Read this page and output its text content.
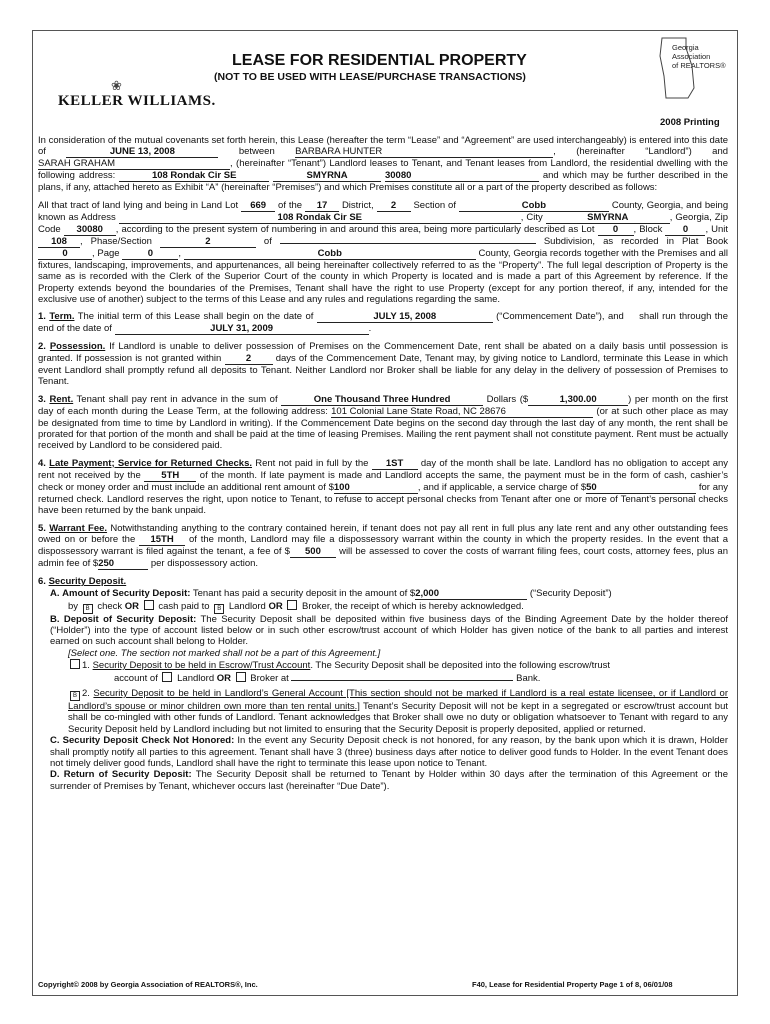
LEASE FOR RESIDENTIAL PROPERTY
(NOT TO BE USED WITH LEASE/PURCHASE TRANSACTIONS)
❀
KELLER WILLIAMS.
Georgia
Association
of REALTORS®
2008 Printing

In consideration of the mutual covenants set forth herein, this Lease (hereafter the term “Lease” and “Agreement” are used interchangeably) is entered into this date of	JUNE 13, 2008	between BARBARA HUNTER	, (hereinafter “Landlord”) and SARAH GRAHAM	, (hereinafter “Tenant”) Landlord leases to Tenant, and Tenant leases from Landlord, the residential dwelling with the following address:	108 Rondak Cir SE	SMYRNA	30080	and which may be further described in the plans, if any, attached hereto as Exhibit “A” (hereinafter “Premises”) and which Premises constitute all or a part of the property described as follows:

All that tract of land lying and being in Land Lot 669 of the 17 District, 2 Section of	Cobb	County, Georgia, and being known as Address	108 Rondak Cir SE	, City	SMYRNA	, Georgia, Zip Code 30080 , according to the present system of numbering in and around this area, being more particularly described as Lot 0 , Block 0 , Unit 108 , Phase/Section	2	of	Subdivision, as recorded in Plat Book 0	, Page	0	,	Cobb	County, Georgia records together with the Premises and all fixtures, landscaping, improvements, and appurtenances, all being hereinafter collectively referred to as the “Property”. The full legal description of Property is the same as is recorded with the Clerk of the Superior Court of the county in which Property is located and is made a part of this Agreement by reference. If the Property extends beyond the boundaries of the Premises, Tenant shall have the right to use Property (except for any portion thereof, if any, intended for the exclusive use of another) subject to the terms of this Lease and any rules and regulations regarding the same.

1. Term. The initial term of this Lease shall begin on the date of	JULY 15, 2008	(“Commencement Date”), and shall run through the end of the date of	JULY 31, 2009	.

2. Possession. If Landlord is unable to deliver possession of Premises on the Commencement Date, rent shall be abated on a daily basis until possession is granted. If possession is not granted within	2	days of the Commencement Date, Tenant may, by giving notice to Landlord, terminate this Lease in which event Landlord shall promptly refund all deposits to Tenant. Neither Landlord nor Broker shall be liable for any delay in the delivery of possession of Premises to Tenant.

3. Rent. Tenant shall pay rent in advance in the sum of	One Thousand Three Hundred	Dollars ($	1,300.00	) per month on the first day of each month during the Lease Term, at the following address: 101 Colonial Lane State Road, NC 28676	(or at such other place as may be designated from time to time by Landlord in writing). If the Commencement Date begins on the second day through the last day of any month, the rent shall be prorated for that portion of the month and shall be paid at the time of leasing Premises. Mailing the rent payment shall not constitute payment. Rent must be actually received by Landlord to be considered paid.

4. Late Payment; Service for Returned Checks. Rent not paid in full by the 1ST day of the month shall be late. Landlord has no obligation to accept any rent not received by the 5TH of the month. If late payment is made and Landlord accepts the same, the payment must be in the form of cash, cashier’s check or money order and must include an additional rent amount of $100	, and if applicable, a service charge of $50	for any returned check. Landlord reserves the right, upon notice to Tenant, to refuse to accept personal checks from Tenant after one or more of Tenant’s personal checks have been returned by the bank unpaid.

5. Warrant Fee. Notwithstanding anything to the contrary contained herein, if tenant does not pay all rent in full plus any late rent and any other outstanding fees owed on or before the 15TH of the month, Landlord may file a dispossessory warrant within the county in which the property resides. In the event that a dispossessory warrant is filed against the tenant, a fee of $ 500 will be assessed to cover the costs of warrant filing fees, court costs, attorney fees, plus an admin fee of $250	per dispossessory action.

6. Security Deposit.

A. Amount of Security Deposit: Tenant has paid a security deposit in the amount of $2,000	(“Security Deposit”)

by B check OR cash paid to B Landlord OR Broker, the receipt of which is hereby acknowledged.

B. Deposit of Security Deposit: The Security Deposit shall be deposited within five business days of the Binding Agreement Date by the holder thereof (“Holder”) into the type of account listed below or in such other escrow/trust account of which Holder has given notice of the bank to all parties and interest earned on such account shall belong to Holder.

[Select one. The section not marked shall not be a part of this Agreement.]

1. Security Deposit to be held in Escrow/Trust Account. The Security Deposit shall be deposited into the following escrow/trust

account of Landlord OR Broker at	Bank.

B 2. Security Deposit to be held in Landlord’s General Account [This section should not be marked if Landlord is a real estate licensee, or if Landlord or Landlord’s spouse or minor children own more than ten rental units.] Tenant’s Security Deposit will not be kept in a segregated or escrow/trust account but shall be co-mingled with other funds of Landlord. Tenant acknowledges that Broker shall owe no duty or obligation whatsoever to Tenant with regard to any Security Deposit held by Landlord including but not limited to ensuring that the Security Deposit is properly deposited, applied or returned.

C. Security Deposit Check Not Honored: In the event any Security Deposit check is not honored, for any reason, by the bank upon which it is drawn, Holder shall promptly notify all parties to this agreement. Tenant shall have 3 (three) business days after notice to deliver good funds to Holder. In the event Tenant does not timely deliver good funds, Landlord shall have the right to terminate this lease upon notice to Tenant.

D. Return of Security Deposit: The Security Deposit shall be returned to Tenant by Holder within 30 days after the termination of this Agreement or the surrender of Premises by Tenant, whichever occurs last (hereinafter “Due Date”).

Copyright© 2008 by Georgia Association of REALTORS®, Inc.	F40, Lease for Residential Property Page 1 of 8, 06/01/08
